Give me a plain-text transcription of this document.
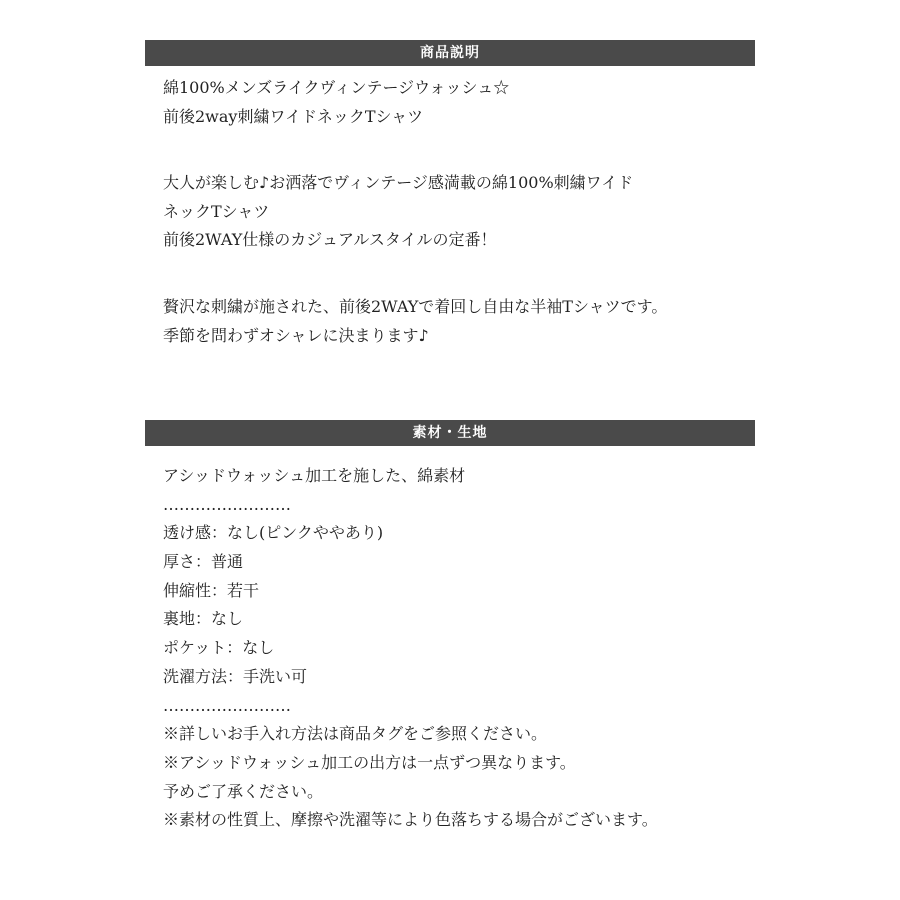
商品説明
綿100%メンズライクヴィンテージウォッシュ☆
前後2way刺繍ワイドネックTシャツ
大人が楽しむ♪お洒落でヴィンテージ感満載の綿100%刺繍ワイド
ネックTシャツ
前後2WAY仕様のカジュアルスタイルの定番！
贅沢な刺繍が施された、前後2WAYで着回し自由な半袖Tシャツです。
季節を問わずオシャレに決まります♪
素材・生地
アシッドウォッシュ加工を施した、綿素材
……………………
透け感：なし(ピンクややあり)
厚さ：普通
伸縮性：若干
裏地：なし
ポケット：なし
洗濯方法：手洗い可
……………………
※詳しいお手入れ方法は商品タグをご参照ください。
※アシッドウォッシュ加工の出方は一点ずつ異なります。
予めご了承ください。
※素材の性質上、摩擦や洗濯等により色落ちする場合がございます。
